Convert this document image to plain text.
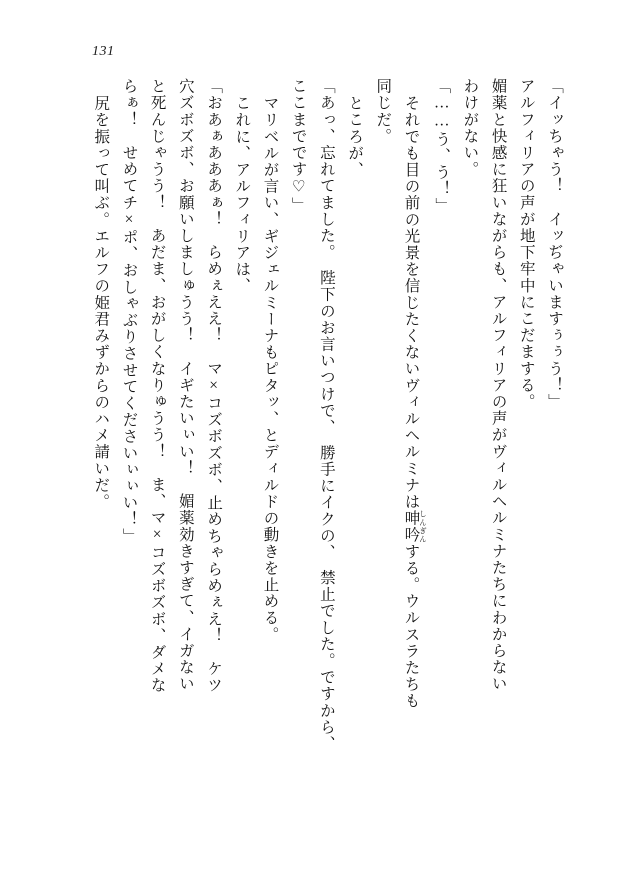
131
「イッちゃう！　イッぢゃいますぅぅう！」
アルフィリアの声が地下牢中にこだまする。
媚薬と快感に狂いながらも、アルフィリアの声がヴィルヘルミナたちにわからない
わけがない。
「……う、う！」
それでも目の前の光景を信じたくないヴィルヘルミナは呻吟 しんぎんする。ウルスラたちも
同じだ。
ところが、
「あっ、忘れてました。　陛下のお言いつけで、　勝手にイクの、　禁止でした。ですから、
ここまでです♡」
マリベルが言い、ギジェルミーナもピタッ、とディルドの動きを止める。
これに、アルフィリアは、
「おあぁあああぁ！　らめぇええ！　マ×コズボズボ、止めちゃらめぇえ！　ケツ
穴ズボズボ、お願いしましゅうう！　イギたいぃい！　媚薬効きすぎて、イガない
と死んじゃうう！　あだま、おがしくなりゅうう！　ま、マ×コズボズボ、ダメな
らぁ！　せめてチ×ポ、おしゃぶりさせてくださいぃぃい！」
尻を振って叫ぶ。エルフの姫君みずからのハメ請いだ。
